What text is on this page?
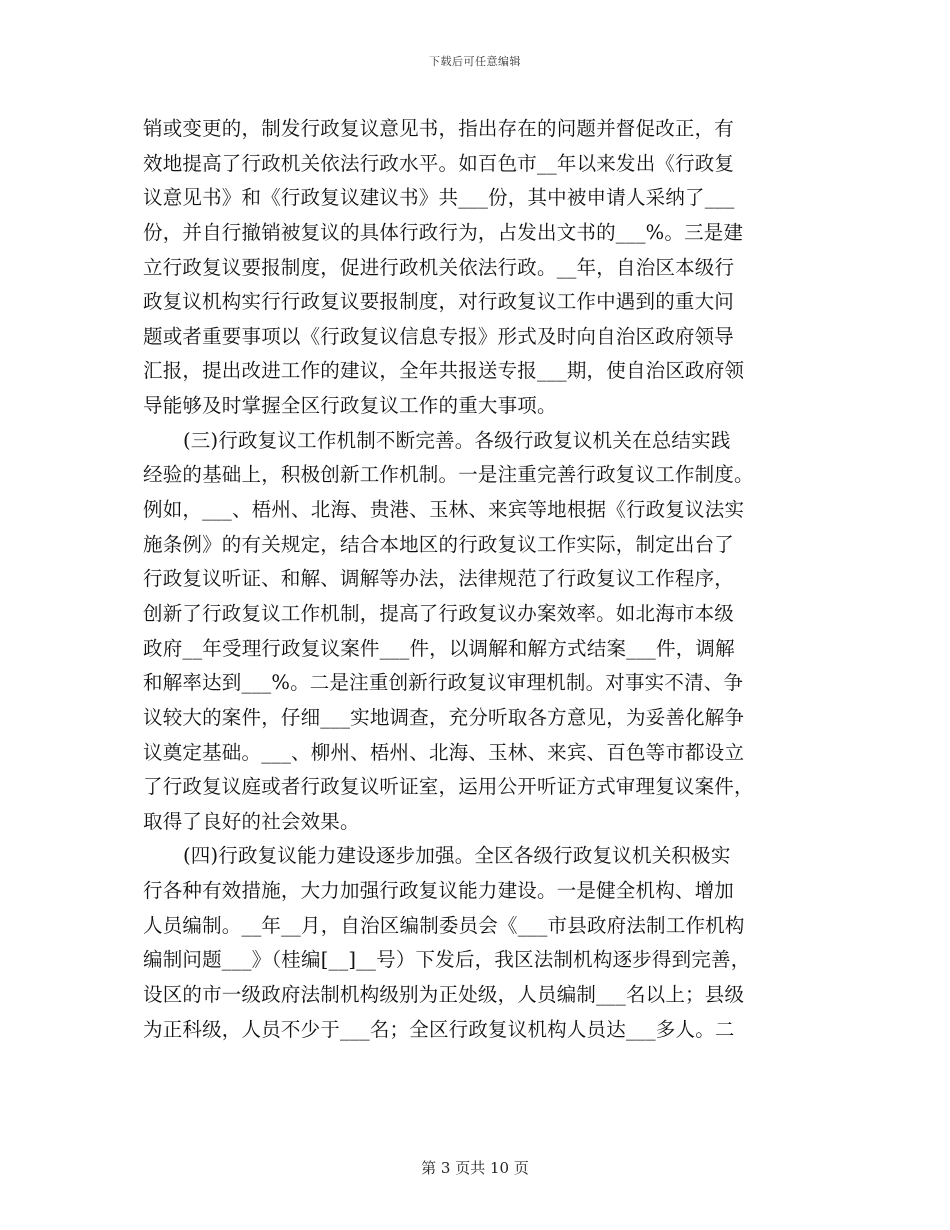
下载后可任意编辑
销或变更的，制发行政复议意见书，指出存在的问题并督促改正，有
效地提高了行政机关依法行政水平。如百色市__年以来发出《行政复
议意见书》和《行政复议建议书》共___份，其中被申请人采纳了___
份，并自行撤销被复议的具体行政行为，占发出文书的___%。三是建
立行政复议要报制度，促进行政机关依法行政。__年，自治区本级行
政复议机构实行行政复议要报制度，对行政复议工作中遇到的重大问
题或者重要事项以《行政复议信息专报》形式及时向自治区政府领导
汇报，提出改进工作的建议，全年共报送专报___期，使自治区政府领
导能够及时掌握全区行政复议工作的重大事项。
(三)行政复议工作机制不断完善。各级行政复议机关在总结实践
经验的基础上，积极创新工作机制。一是注重完善行政复议工作制度。
例如，___、梧州、北海、贵港、玉林、来宾等地根据《行政复议法实
施条例》的有关规定，结合本地区的行政复议工作实际，制定出台了
行政复议听证、和解、调解等办法，法律规范了行政复议工作程序，
创新了行政复议工作机制，提高了行政复议办案效率。如北海市本级
政府__年受理行政复议案件___件，以调解和解方式结案___件，调解
和解率达到___%。二是注重创新行政复议审理机制。对事实不清、争
议较大的案件，仔细___实地调查，充分听取各方意见，为妥善化解争
议奠定基础。___、柳州、梧州、北海、玉林、来宾、百色等市都设立
了行政复议庭或者行政复议听证室，运用公开听证方式审理复议案件，
取得了良好的社会效果。
(四)行政复议能力建设逐步加强。全区各级行政复议机关积极实
行各种有效措施，大力加强行政复议能力建设。一是健全机构、增加
人员编制。__年__月，自治区编制委员会《___市县政府法制工作机构
编制问题___》（桂编[__]__号）下发后，我区法制机构逐步得到完善，
设区的市一级政府法制机构级别为正处级，人员编制___名以上；县级
为正科级，人员不少于___名；全区行政复议机构人员达___多人。二
第 3 页共 10 页
